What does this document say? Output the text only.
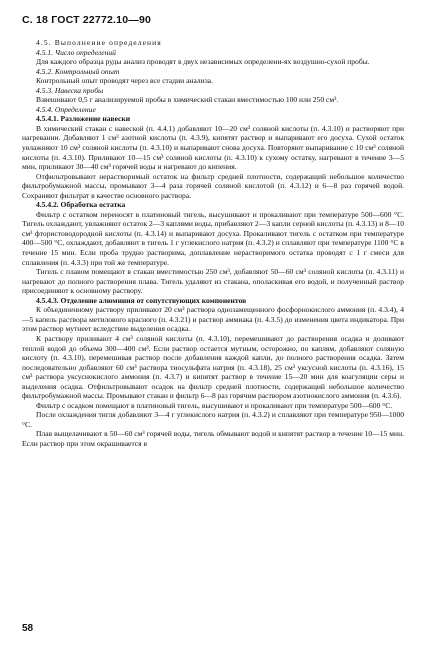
С. 18 ГОСТ 22772.10—90

4.5. Выполнение определения

4.5.1. Число определений

Для каждого образца руды анализ проводят в двух независимых определени-ях воздушно-сухой пробы.

4.5.2. Контрольный опыт

Контрольный опыт проводят через все стадии анализа.

4.5.3. Навеска пробы

Взвешивают 0,5 г анализируемой пробы в химический стакан вместимостью 100 или 250 см³.

4.5.4. Определение

4.5.4.1. Разложение навески

В химический стакан с навеской (п. 4.4.1) добавляют 10—20 см³ соляной кислоты (п. 4.3.10) и растворяют при нагревании. Добавляют 1 см³ азотной кислоты (п. 4.3.9), кипятят раствор и выпаривают его досуха. Сухой остаток увлажняют 10 см³ соляной кислоты (п. 4.3.10) и выпаривают снова досуха. Повторяют выпаривание с 10 см³ соляной кислоты (п. 4.3.10). Приливают 10—15 см³ соляной кислоты (п. 4.3.10) к сухому остатку, нагревают в течение 3—5 мин, приливают 30—40 см³ горячей воды и нагревают до кипения.

Отфильтровывают нерастворимый остаток на фильтр средней плотности, содержащий небольшое количество фильтробумажной массы, промывают 3—4 раза горячей соляной кислотой (п. 4.3.12) и 6—8 раз горячей водой. Сохраняют фильтрат в качестве основного раствора.

4.5.4.2. Обработка остатка

Фильтр с остатком переносят в платиновый тигель, высушивают и прокаливают при температуре 500—600 °С. Тигель охлаждают, увлажняют остаток 2—3 каплями воды, прибавляют 2—3 капли серной кислоты (п. 4.3.13) и 8—10 см³ фтористоводородной кислоты (п. 4.3.14) и выпаривают досуха. Прокаливают тигель с остатком при температуре 400—500 °С, охлаждают, добавляют в тигель 1 г углекислого натрия (п. 4.3.2) и сплавляют при температуре 1100 °С в течение 15 мин. Если проба трудно растворима, доплавление нерастворимого остатка проводят с 1 г смеси для сплавления (п. 4.3.3) при той же температуре.

Тигель с плавом помещают в стакан вместимостью 250 см³, добавляют 50—60 см³ соляной кислоты (п. 4.3.11) и нагревают до полного растворения плава. Тигель удаляют из стакана, ополаскивая его водой, и полученный раствор присоединяют к основному раствору.

4.5.4.3. Отделение алюминия от сопутствующих компонентов

К объединенному раствору приливают 20 см³ раствора однозамещенного фосфорнокислого аммония (п. 4.3.4), 4—5 капель раствора метилового красного (п. 4.3.21) и раствор аммиака (п. 4.3.5) до изменения цвета индикатора. При этом раствор мутнеет вследствие выделения осадка.

К раствору приливают 4 см³ соляной кислоты (п. 4.3.10), перемешивают до растворения осадка и доливают теплой водой до объема 300—400 см³. Если раствор остается мутным, осторожно, по каплям, добавляют соляную кислоту (п. 4.3.10), перемешивая раствор после добавления каждой капли, до полного растворения осадка. Затем последовательно добавляют 60 см³ раствора тиосульфата натрия (п. 4.3.18), 25 см³ уксусной кислоты (п. 4.3.16), 15 см³ раствора уксуснокислого аммония (п. 4.3.7) и кипятят раствор в течение 15—20 мин для коагуляции серы и выделения осадка. Отфильтровывают осадок на фильтр средней плотности, содержащий небольшое количество фильтробумажной массы. Промывают стакан и фильтр 6—8 раз горячим раствором азотнокислого аммония (п. 4.3.6).

Фильтр с осадком помещают в платиновый тигель, высушивают и прокаливают при температуре 500—600 °С.

После охлаждения тигля добавляют 3—4 г углекислого натрия (п. 4.3.2) и сплавляют при температуре 950—1000 °С.

Плав выщелачивают в 50—60 см³ горячей воды, тигель обмывают водой и кипятят раствор в течение 10—15 мин. Если раствор при этом окрашивается в

58
